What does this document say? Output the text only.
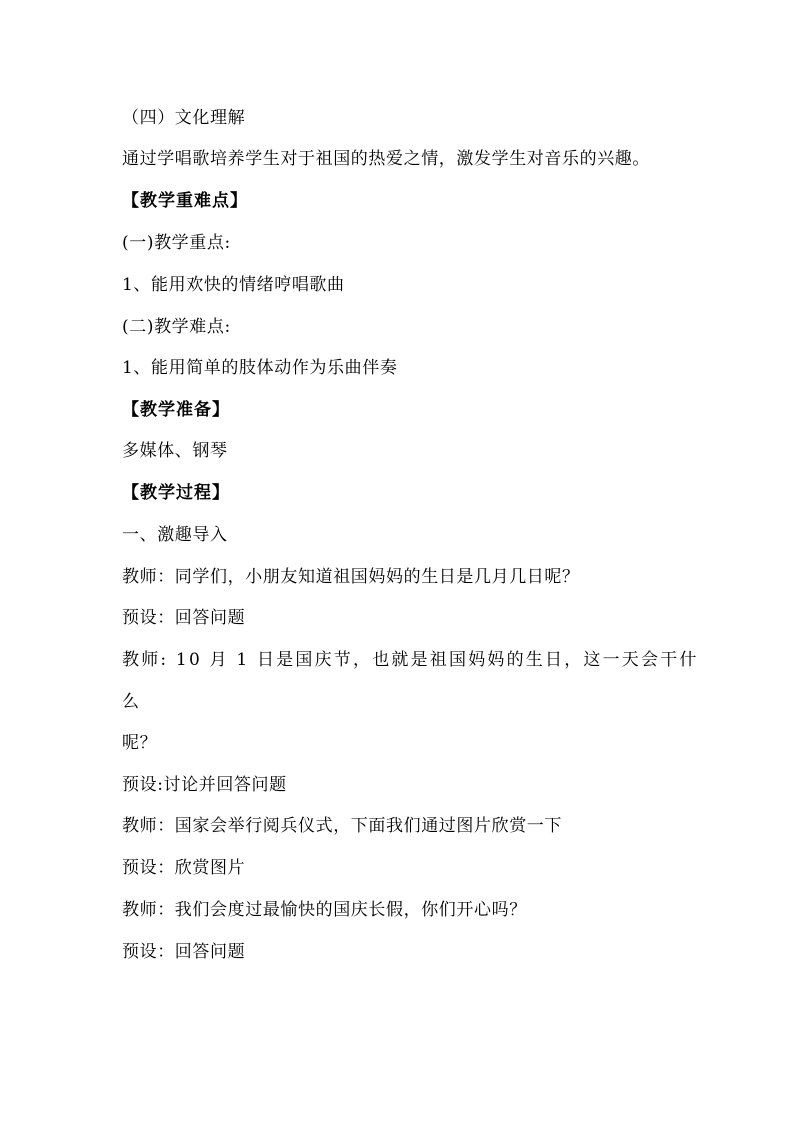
（四）文化理解
通过学唱歌培养学生对于祖国的热爱之情，激发学生对音乐的兴趣。
【教学重难点】
(一)教学重点:
1、能用欢快的情绪哼唱歌曲
(二)教学难点:
1、能用简单的肢体动作为乐曲伴奏
【教学准备】
多媒体、钢琴
【教学过程】
一、激趣导入
教师：同学们，小朋友知道祖国妈妈的生日是几月几日呢？
预设：回答问题
教师: 10 月 1 日是国庆节，也就是祖国妈妈的生日，这一天会干什
么
呢？
预设:讨论并回答问题
教师：国家会举行阅兵仪式，下面我们通过图片欣赏一下
预设：欣赏图片
教师：我们会度过最愉快的国庆长假，你们开心吗？
预设：回答问题
